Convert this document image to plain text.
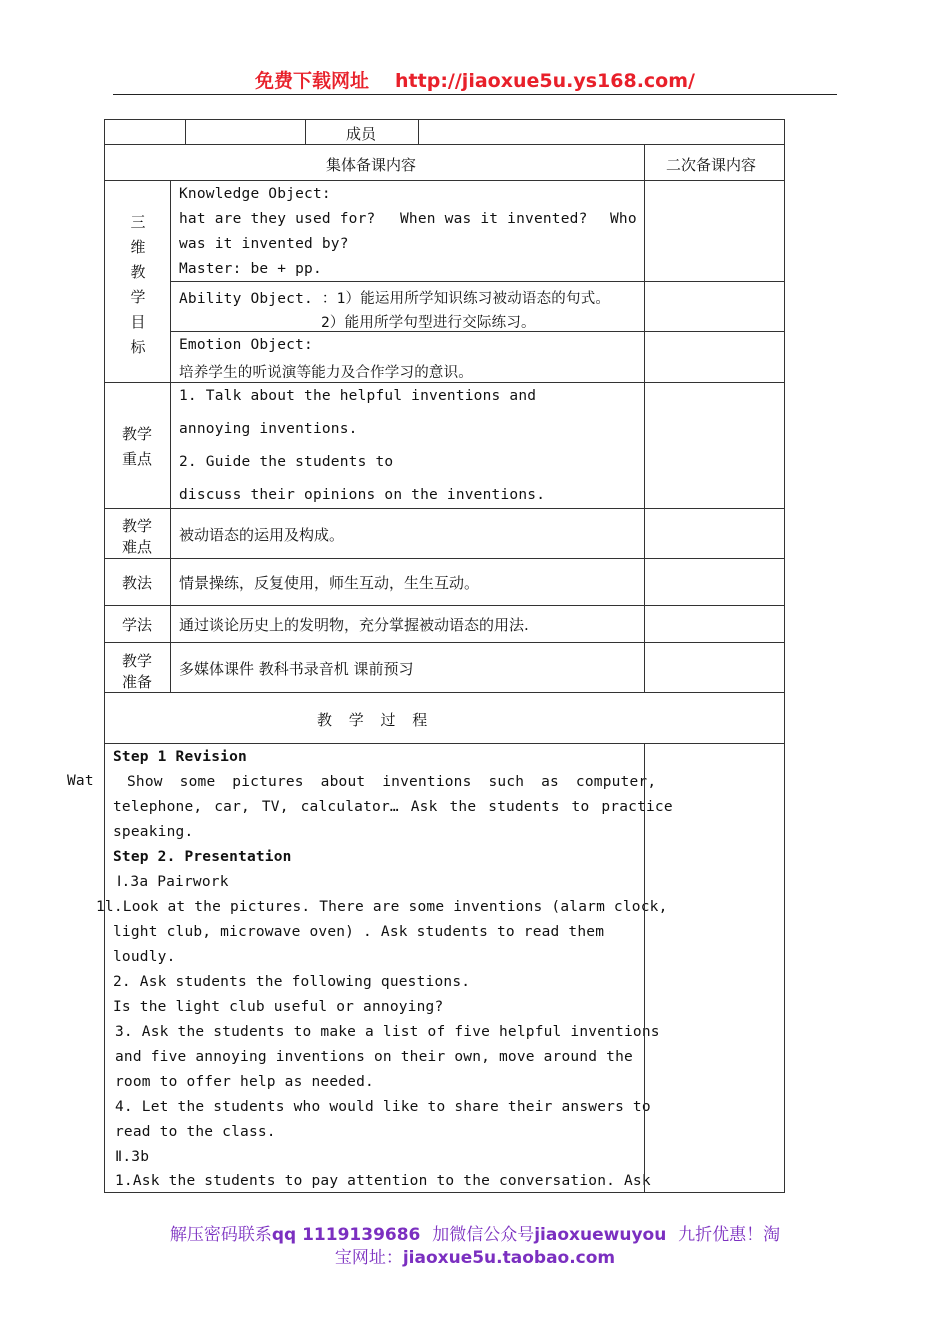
免费下载网址 http://jiaoxue5u.ys168.com/
成员
集体备课内容	二次备课内容
三
维
教
学
目
标
Knowledge Object:
hat are they used for? When was it invented? Who
was it invented by?
Master: be + pp.
Ability Object. ：1）能运用所学知识练习被动语态的句式。
2）能用所学句型进行交际练习。
Emotion Object:
培养学生的听说演等能力及合作学习的意识。
教学
重点
1. Talk about the helpful inventions and
annoying inventions.
2. Guide the students to
discuss their opinions on the inventions.
教学
难点
被动语态的运用及构成。
教法 情景操练，反复使用，师生互动，生生互动。
学法 通过谈论历史上的发明物，充分掌握被动语态的用法.
教学
准备
多媒体课件 教科书录音机 课前预习
教 学 过 程
Step 1 Revision
Show some pictures about inventions such as computer,
telephone, car, TV, calculator… Ask the students to practice
speaking.
Step 2. Presentation
Ⅰ.3a Pairwork
1l.Look at the pictures. There are some inventions (alarm clock,
light club, microwave oven) . Ask students to read them
loudly.
2. Ask students the following questions.
Is the light club useful or annoying?
3. Ask the students to make a list of five helpful inventions
and five annoying inventions on their own, move around the
room to offer help as needed.
4. Let the students who would like to share their answers to
read to the class.
Ⅱ.3b
1.Ask the students to pay attention to the conversation. Ask
Wat
解压密码联系qq 1119139686 加微信公众号jiaoxuewuyou 九折优惠！淘
宝网址：jiaoxue5u.taobao.com
